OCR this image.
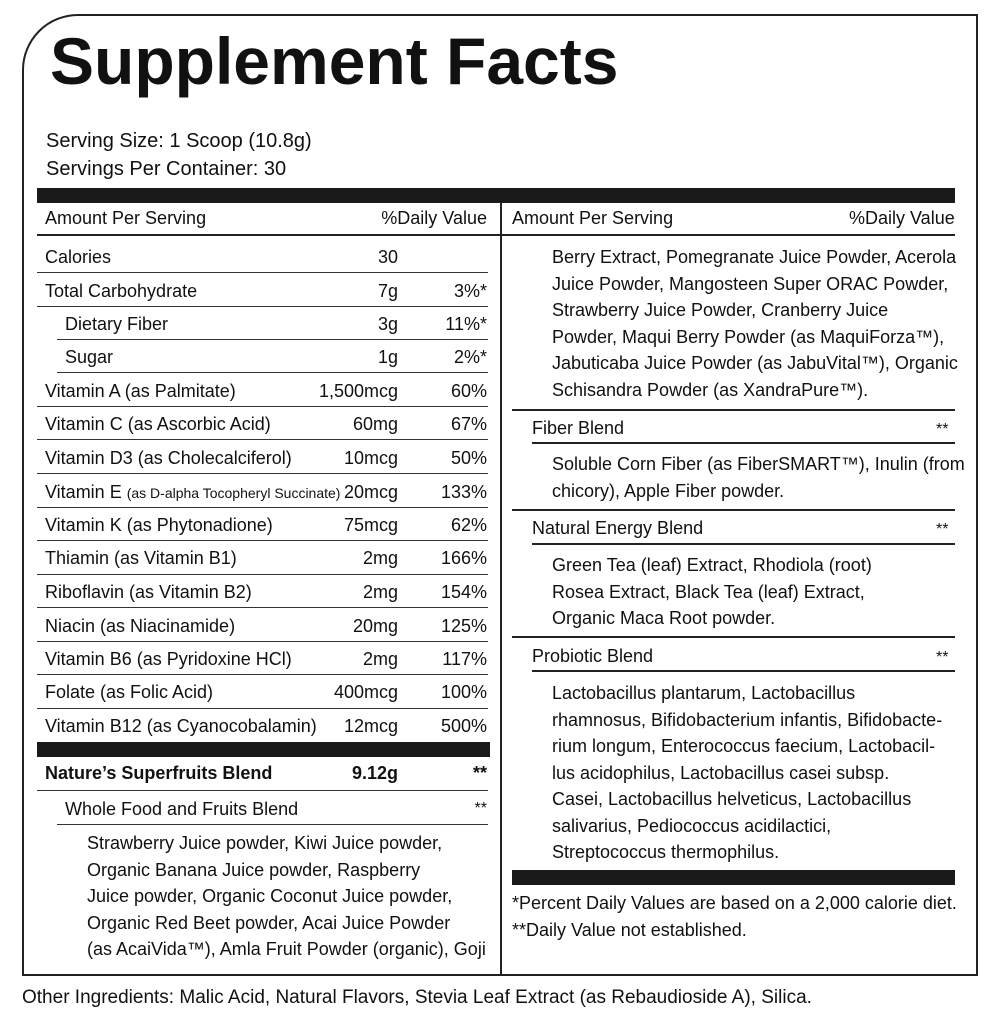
Supplement Facts
Serving Size: 1 Scoop (10.8g)
Servings Per Container: 30
Amount Per Serving	%Daily Value
Calories	30
Total Carbohydrate	7g	3%*
Dietary Fiber	3g	11%*
Sugar	1g	2%*
Vitamin A (as Palmitate)	1,500mcg	60%
Vitamin C (as Ascorbic Acid)	60mg	67%
Vitamin D3 (as Cholecalciferol)	10mcg	50%
Vitamin E (as D-alpha Tocopheryl Succinate) 20mcg 133%
Vitamin K (as Phytonadione)	75mcg	62%
Thiamin (as Vitamin B1)	2mg 166%
Riboflavin (as Vitamin B2)	2mg 154%
Niacin (as Niacinamide)	20mg 125%
Vitamin B6 (as Pyridoxine HCl)	2mg 117%
Folate (as Folic Acid)	400mcg 100%
Vitamin B12 (as Cyanocobalamin) 12mcg 500%
Nature’s Superfruits Blend	9.12g	**
Whole Food and Fruits Blend	**
Strawberry Juice powder, Kiwi Juice powder,
Organic Banana Juice powder, Raspberry
Juice powder, Organic Coconut Juice powder,
Organic Red Beet powder, Acai Juice Powder
(as AcaiVida™), Amla Fruit Powder (organic), Goji
Amount Per Serving	%Daily Value
Berry Extract, Pomegranate Juice Powder, Acerola
Juice Powder, Mangosteen Super ORAC Powder,
Strawberry Juice Powder, Cranberry Juice
Powder, Maqui Berry Powder (as MaquiForza™),
Jabuticaba Juice Powder (as JabuVital™), Organic
Schisandra Powder (as XandraPure™).
Fiber Blend	**
Soluble Corn Fiber (as FiberSMART™), Inulin (from
chicory), Apple Fiber powder.
Natural Energy Blend	**
Green Tea (leaf) Extract, Rhodiola (root)
Rosea Extract, Black Tea (leaf) Extract,
Organic Maca Root powder.
Probiotic Blend	**
Lactobacillus plantarum, Lactobacillus
rhamnosus, Bifidobacterium infantis, Bifidobacte-
rium longum, Enterococcus faecium, Lactobacil-
lus acidophilus, Lactobacillus casei subsp.
Casei, Lactobacillus helveticus, Lactobacillus
salivarius, Pediococcus acidilactici,
Streptococcus thermophilus.
*Percent Daily Values are based on a 2,000 calorie diet.
**Daily Value not established.
Other Ingredients: Malic Acid, Natural Flavors, Stevia Leaf Extract (as Rebaudioside A), Silica.
